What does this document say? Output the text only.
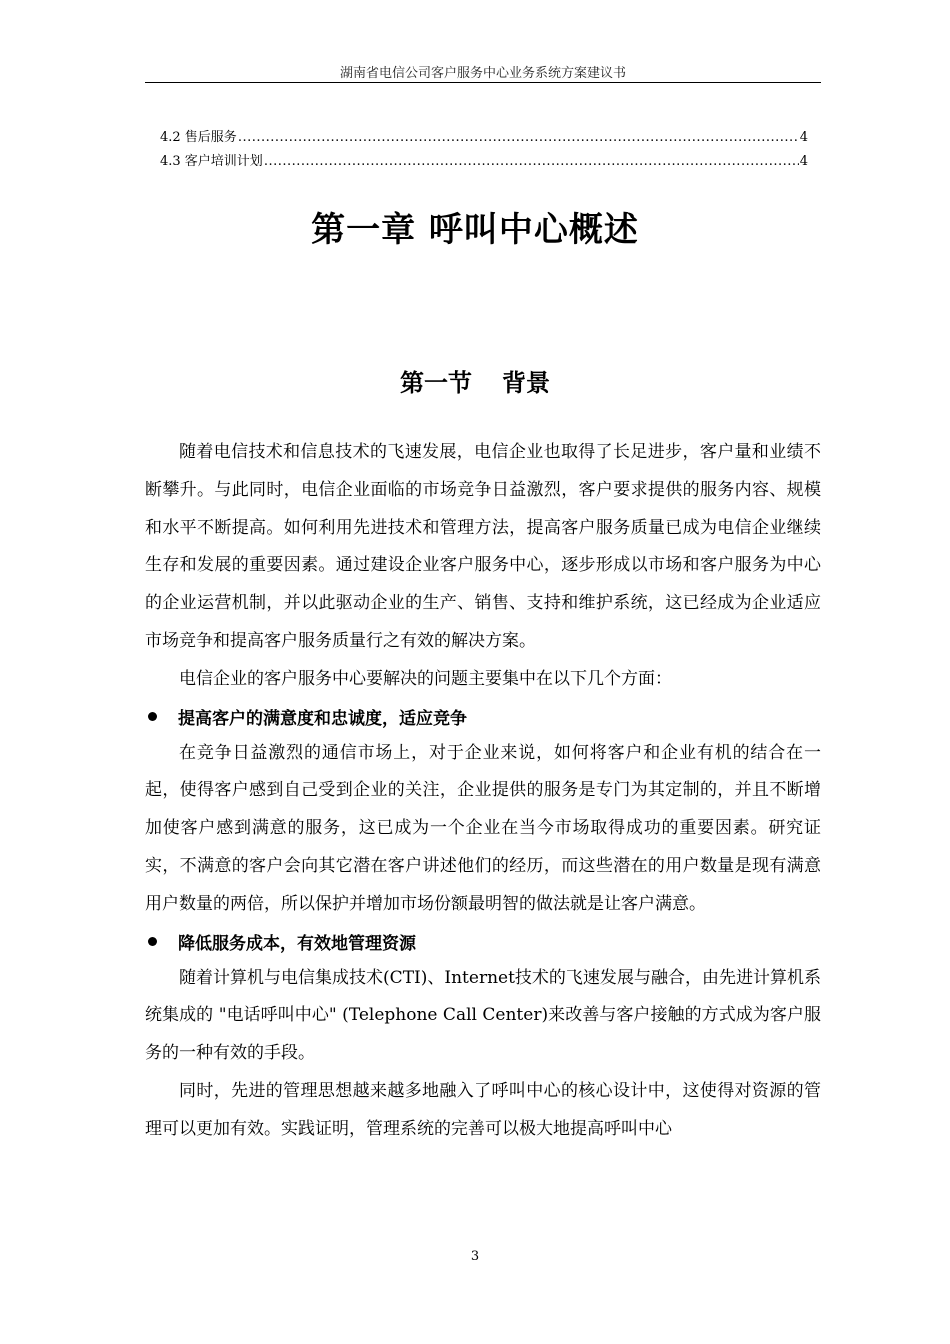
湖南省电信公司客户服务中心业务系统方案建议书
4.2 售后服务 .....	4
4.3 客户培训计划 .....	4
第一章 呼叫中心概述
第一节 背景

随着电信技术和信息技术的飞速发展，电信企业也取得了长足进步，客户量和业绩不断攀升。与此同时，电信企业面临的市场竞争日益激烈，客户要求提供的服务内容、规模和水平不断提高。如何利用先进技术和管理方法，提高客户服务质量已成为电信企业继续生存和发展的重要因素。通过建设企业客户服务中心，逐步形成以市场和客户服务为中心的企业运营机制，并以此驱动企业的生产、销售、支持和维护系统，这已经成为企业适应市场竞争和提高客户服务质量行之有效的解决方案。

电信企业的客户服务中心要解决的问题主要集中在以下几个方面：

提高客户的满意度和忠诚度，适应竞争

在竞争日益激烈的通信市场上，对于企业来说，如何将客户和企业有机的结合在一起，使得客户感到自己受到企业的关注，企业提供的服务是专门为其定制的，并且不断增加使客户感到满意的服务，这已成为一个企业在当今市场取得成功的重要因素。研究证实，不满意的客户会向其它潜在客户讲述他们的经历，而这些潜在的用户数量是现有满意用户数量的两倍，所以保护并增加市场份额最明智的做法就是让客户满意。

降低服务成本，有效地管理资源

随着计算机与电信集成技术(CTI)、Internet技术的飞速发展与融合，由先进计算机系统集成的 "电话呼叫中心" (Telephone Call Center)来改善与客户接触的方式成为客户服务的一种有效的手段。

同时，先进的管理思想越来越多地融入了呼叫中心的核心设计中，这使得对资源的管理可以更加有效。实践证明，管理系统的完善可以极大地提高呼叫中心

3
